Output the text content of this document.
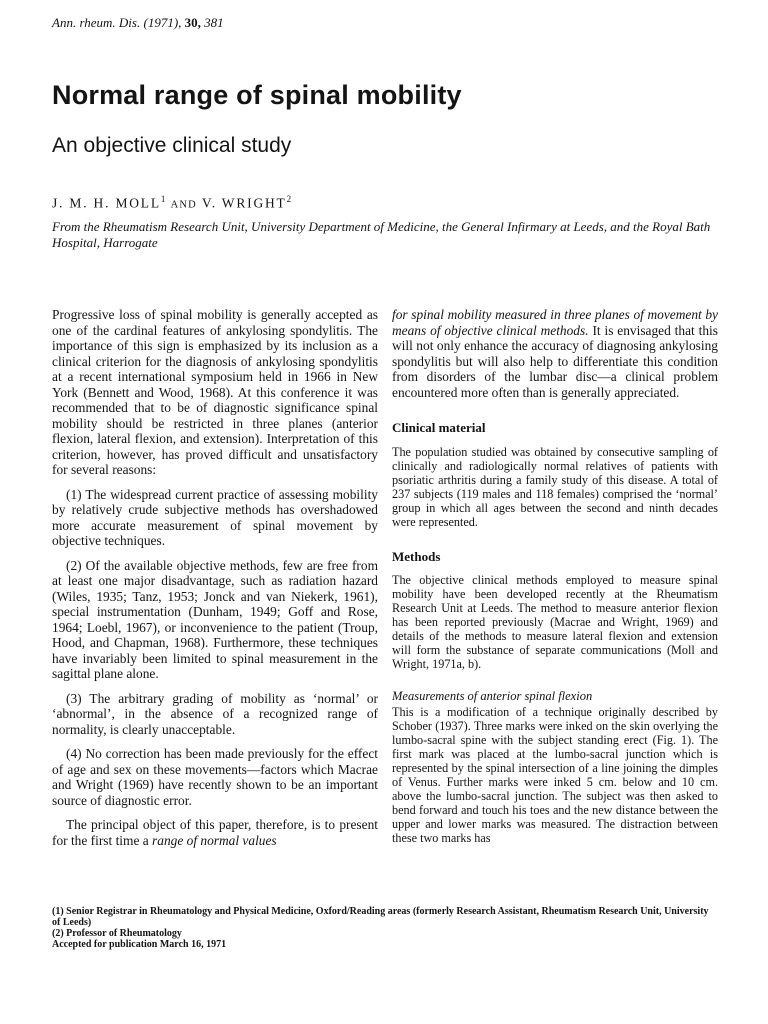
Ann. rheum. Dis. (1971), 30, 381
Normal range of spinal mobility
An objective clinical study
J. M. H. MOLL$^1$ AND V. WRIGHT$^2$
From the Rheumatism Research Unit, University Department of Medicine, the General Infirmary at Leeds, and the Royal Bath Hospital, Harrogate

Progressive loss of spinal mobility is generally accepted as one of the cardinal features of ankylosing spondylitis. The importance of this sign is emphasized by its inclusion as a clinical criterion for the diagnosis of ankylosing spondylitis at a recent international symposium held in 1966 in New York (Bennett and Wood, 1968). At this conference it was recommended that to be of diagnostic significance spinal mobility should be restricted in three planes (anterior flexion, lateral flexion, and extension). Interpretation of this criterion, however, has proved difficult and unsatisfactory for several reasons:

(1) The widespread current practice of assessing mobility by relatively crude subjective methods has overshadowed more accurate measurement of spinal movement by objective techniques.

(2) Of the available objective methods, few are free from at least one major disadvantage, such as radiation hazard (Wiles, 1935; Tanz, 1953; Jonck and van Niekerk, 1961), special instrumentation (Dunham, 1949; Goff and Rose, 1964; Loebl, 1967), or inconvenience to the patient (Troup, Hood, and Chapman, 1968). Furthermore, these techniques have invariably been limited to spinal measurement in the sagittal plane alone.

(3) The arbitrary grading of mobility as ‘normal’ or ‘abnormal’, in the absence of a recognized range of normality, is clearly unacceptable.

(4) No correction has been made previously for the effect of age and sex on these movements—factors which Macrae and Wright (1969) have recently shown to be an important source of diagnostic error.

The principal object of this paper, therefore, is to present for the first time a range of normal values

for spinal mobility measured in three planes of movement by means of objective clinical methods. It is envisaged that this will not only enhance the accuracy of diagnosing ankylosing spondylitis but will also help to differentiate this condition from disorders of the lumbar disc—a clinical problem encountered more often than is generally appreciated.

Clinical material

The population studied was obtained by consecutive sampling of clinically and radiologically normal relatives of patients with psoriatic arthritis during a family study of this disease. A total of 237 subjects (119 males and 118 females) comprised the ‘normal’ group in which all ages between the second and ninth decades were represented.

Methods

The objective clinical methods employed to measure spinal mobility have been developed recently at the Rheumatism Research Unit at Leeds. The method to measure anterior flexion has been reported previously (Macrae and Wright, 1969) and details of the methods to measure lateral flexion and extension will form the substance of separate communications (Moll and Wright, 1971a, b).

Measurements of anterior spinal flexion

This is a modification of a technique originally described by Schober (1937). Three marks were inked on the skin overlying the lumbo-sacral spine with the subject standing erect (Fig. 1). The first mark was placed at the lumbo-sacral junction which is represented by the spinal intersection of a line joining the dimples of Venus. Further marks were inked 5 cm. below and 10 cm. above the lumbo-sacral junction. The subject was then asked to bend forward and touch his toes and the new distance between the upper and lower marks was measured. The distraction between these two marks has

(1) Senior Registrar in Rheumatology and Physical Medicine, Oxford/Reading areas (formerly Research Assistant, Rheumatism Research Unit, University of Leeds)
(2) Professor of Rheumatology
Accepted for publication March 16, 1971
